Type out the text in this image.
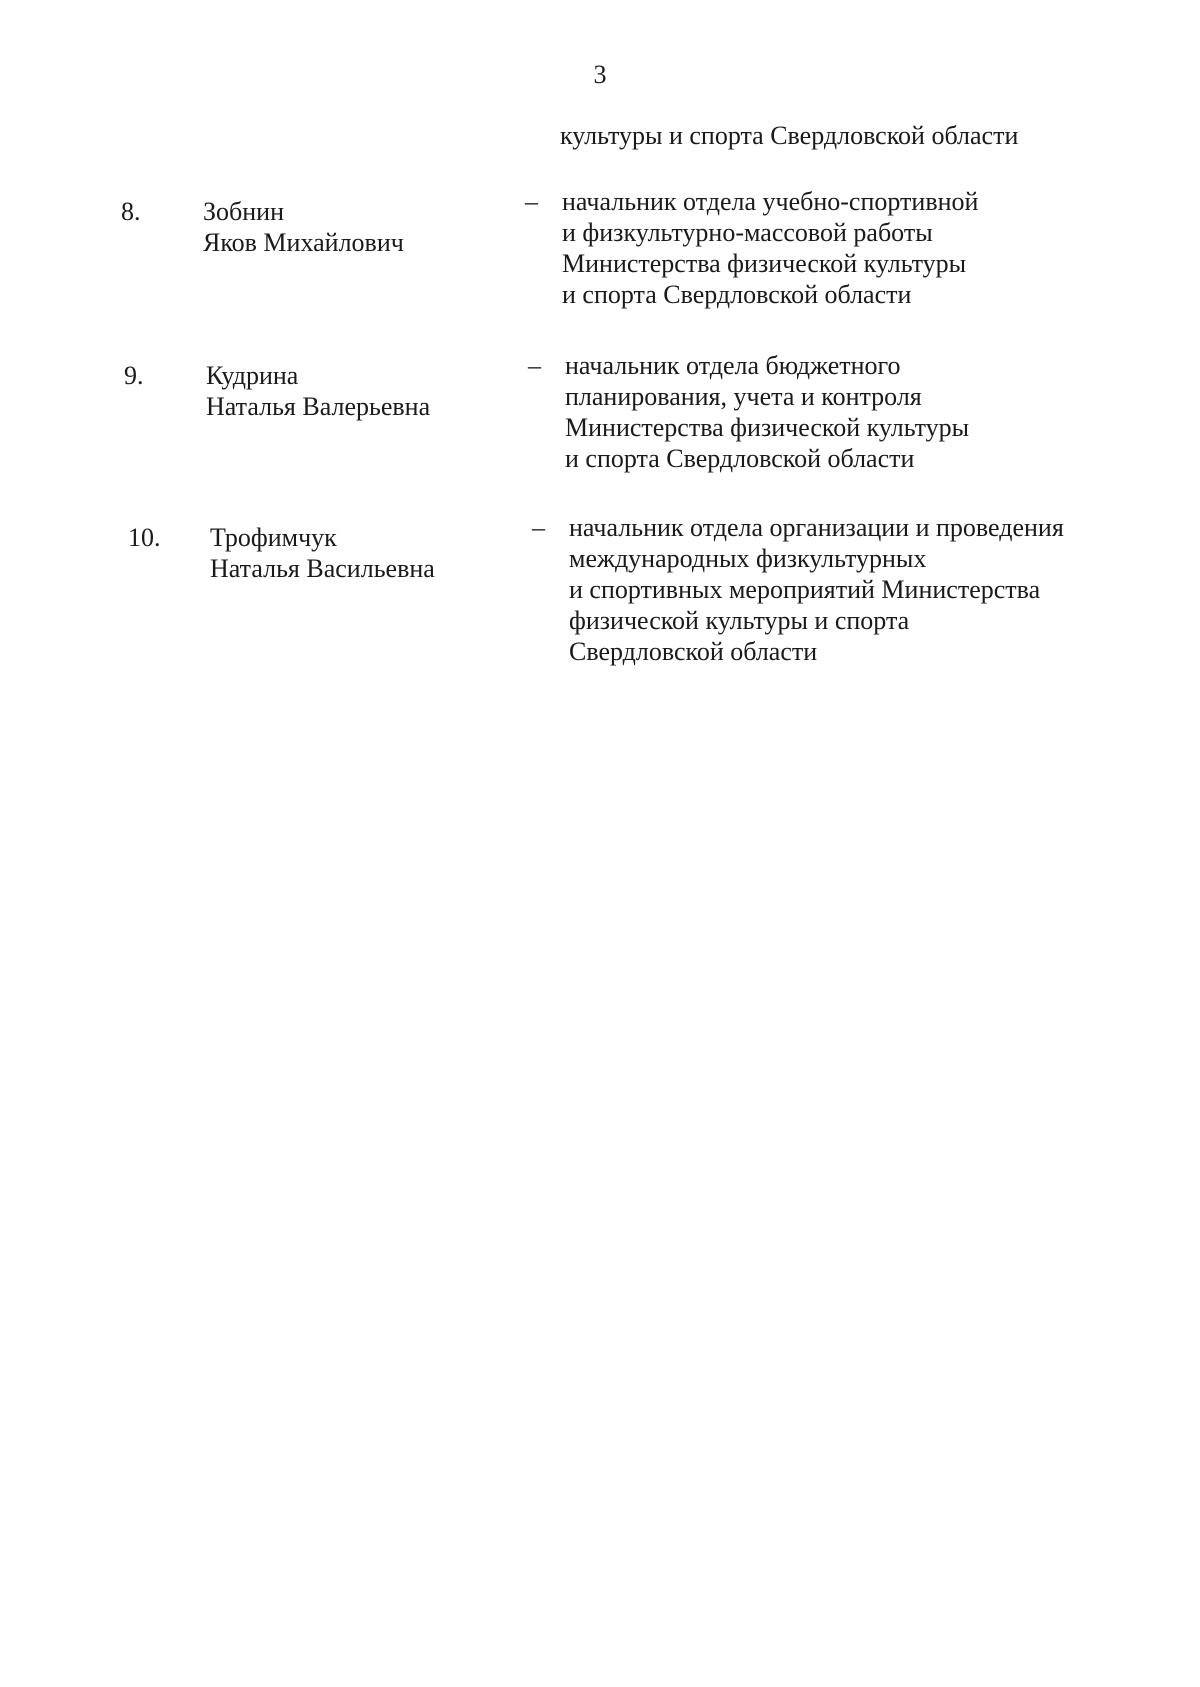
3
культуры и спорта Свердловской области
8. Зобнин
Яков Михайлович
– начальник отдела учебно-спортивной
и физкультурно-массовой работы
Министерства физической культуры
и спорта Свердловской области
9. Кудрина
Наталья Валерьевна
– начальник отдела бюджетного
планирования, учета и контроля
Министерства физической культуры
и спорта Свердловской области
10. Трофимчук
Наталья Васильевна
– начальник отдела организации и проведения
международных физкультурных
и спортивных мероприятий Министерства
физической культуры и спорта
Свердловской области
